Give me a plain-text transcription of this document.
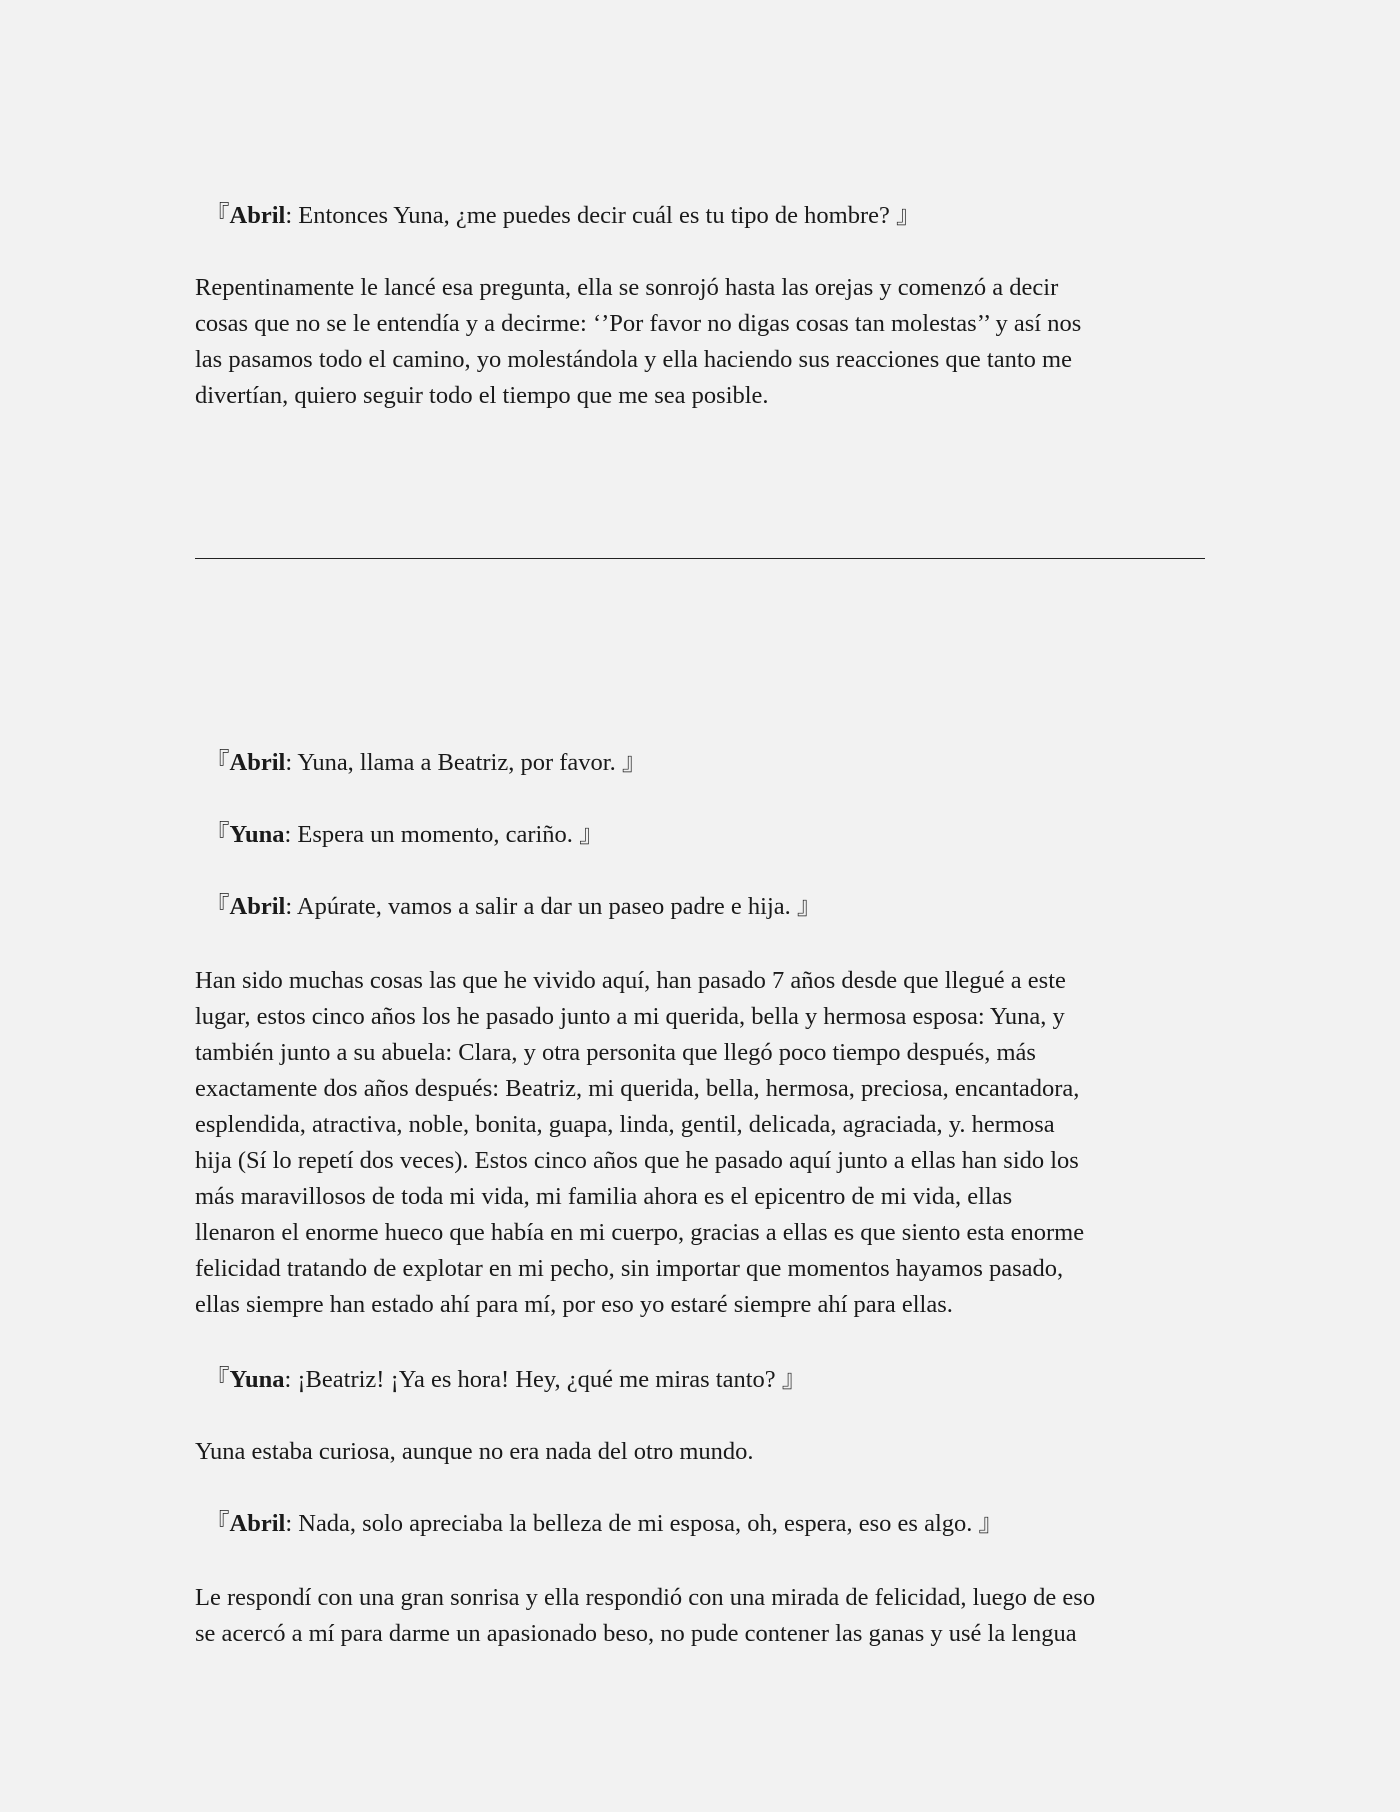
『Abril: Entonces Yuna, ¿me puedes decir cuál es tu tipo de hombre? 』
Repentinamente le lancé esa pregunta, ella se sonrojó hasta las orejas y comenzó a decir
cosas que no se le entendía y a decirme: ‘’Por favor no digas cosas tan molestas’’ y así nos
las pasamos todo el camino, yo molestándola y ella haciendo sus reacciones que tanto me
divertían, quiero seguir todo el tiempo que me sea posible.
『Abril: Yuna, llama a Beatriz, por favor. 』
『Yuna: Espera un momento, cariño. 』
『Abril: Apúrate, vamos a salir a dar un paseo padre e hija. 』
Han sido muchas cosas las que he vivido aquí, han pasado 7 años desde que llegué a este
lugar, estos cinco años los he pasado junto a mi querida, bella y hermosa esposa: Yuna, y
también junto a su abuela: Clara, y otra personita que llegó poco tiempo después, más
exactamente dos años después: Beatriz, mi querida, bella, hermosa, preciosa, encantadora,
esplendida, atractiva, noble, bonita, guapa, linda, gentil, delicada, agraciada, y. hermosa
hija (Sí lo repetí dos veces). Estos cinco años que he pasado aquí junto a ellas han sido los
más maravillosos de toda mi vida, mi familia ahora es el epicentro de mi vida, ellas
llenaron el enorme hueco que había en mi cuerpo, gracias a ellas es que siento esta enorme
felicidad tratando de explotar en mi pecho, sin importar que momentos hayamos pasado,
ellas siempre han estado ahí para mí, por eso yo estaré siempre ahí para ellas.
『Yuna: ¡Beatriz! ¡Ya es hora! Hey, ¿qué me miras tanto? 』
Yuna estaba curiosa, aunque no era nada del otro mundo.
『Abril: Nada, solo apreciaba la belleza de mi esposa, oh, espera, eso es algo. 』
Le respondí con una gran sonrisa y ella respondió con una mirada de felicidad, luego de eso
se acercó a mí para darme un apasionado beso, no pude contener las ganas y usé la lengua
